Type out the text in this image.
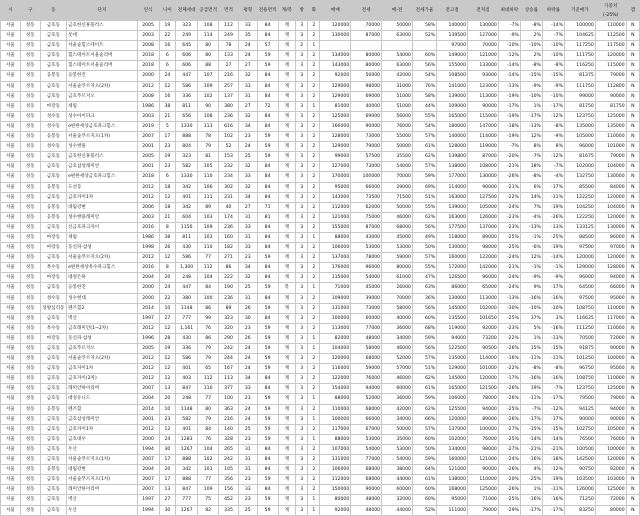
시	구	동	단지	연식	나이	전체세대	공급면적	면적	평형	전용면적	계/복	방	화	매매	전세	매-전	전세가율	전고점	전저점	최대하락	상승률	하락률	기준매가	가중치 (-25%)	갭
서울	성동	금호동	금호한신휴플러스	2005	19	323	108	112	33	84	계	3	2	120000	70000	50000	58%	140000	130000	-7%	-8%	-14%	100000	110000	N
서울	성동	금호동	롯데	2003	22	249	114	249	35	84	계	3	2	130000	87000	63000	52%	139500	127000	-9%	2%	-7%	104625	112500	N
서울	성동	금호동	서울숲힐스테이트	2008	16	645	80	78	24	57	계	2	1					97000	70000	-10%	-10%	-10%	117250	117500	N
서울	성동	금호동	힐스테이트서울숲리버	2018	6	606	80	133	24	59	계	3	2	134000	80000	54000	60%	149000	121000	-12%	2%	-10%	111750	120000	N
서울	성동	금호동	힐스테이트서울숲리버	2018	6	606	88	27	27	59	계	3	2	143000	80000	63000	56%	155000	133000	-14%	-8%	-8%	116250	115000	N
서울	성동	응봉동	응봉한진	2000	24	447	107	216	32	84	계	3	2	92000	50000	42000	54%	108500	93000	-14%	-15%	-15%	81375	79000	N
서울	성동	금호동	서울숲푸르지오(2차)	2012	12	586	109	257	33	84	계	3	2	129000	98000	31000	76%	141000	123000	-13%	-9%	-9%	111750	112800	N
서울	성동	금호동	금호푸르지오	2008	16	336	102	137	31	84	계	3	2	129000	69000	51000	58%	139000	113000	-19%	-10%	-10%	99000	90000	N
서울	성동	마장동	세림	1986	38	811	90	380	27	72	계	3	1	81000	40000	51000	44%	109000	90000	-17%	1%	-17%	81750	81750	N
서울	성동	성수동	성수아이파크	2003	21	656	108	236	32	84	계	3	2	125000	69000	56000	55%	165000	115000	-19%	-17%	-12%	123750	125000	N
서울	성동	성수동	e편한세상금호파크힐스	2019	5	1330	113	616	34	84	계	3	2	166000	90000	76000	54%	180000	147000	-18%	-13%	-8%	135000	135000	N
서울	성동	응봉동	서울숲푸르지오(1차)	2007	17	888	78	102	23	59	계	3	2	128000	73000	55000	57%	140000	114000	-19%	12%	-9%	105000	110000	N
서울	성동	성수동	성수쌍용	2001	23	804	79	52	24	59	계	3	2	129000	79000	50000	61%	128000	119000	-7%	8%	8%	96000	101000	N
서울	성동	금호동	금호한신휴플러스	2005	19	323	81	153	25	59	계	3	2	99000	57500	35500	62%	139800	87000	-20%	-7%	-12%	81675	79000	N
서울	성동	금호동	금호삼성래미안	2001	23	582	105	232	32	84	계	3	2	127000	73000	54000	57%	138000	108000	-21%	18%	-7%	102000	104000	N
서울	성동	금호동	e편한세상금호파크힐스	2018	6	1330	110	234	33	84	계	3	2	170000	100000	70000	59%	177000	130000	-26%	-8%	-4%	132750	130000	N
서울	성동	응봉동	도선동	2012	18	342	106	302	32	84	계	3	2	95000	66000	29000	69%	114000	90000	-21%	6%	-17%	85500	84000	N
서울	성동	금호동	금호자이1차	2012	12	401	111	231	34	84	계	3	2	143000	73500	71500	51%	163000	127500	-22%	14%	-11%	122250	120000	N
서울	성동	응봉동	대림강변	2006	18	342	89	40	27	71	계	3	2	112000	62000	50000	55%	139000	105000	-24%	7%	-19%	104250	104000	N
서울	성동	응봉동	성수쌍용래미안	2003	21	604	103	174	31	81	계	3	2	121000	75000	46000	62%	163000	126000	-23%	-4%	-26%	122250	120000	N
서울	성동	금호동	신금호파크자이	2016	8	1156	109	236	33	84	계	3	2	155000	87000	68000	56%	177500	137000	-23%	-13%	-13%	133125	130000	N
서울	성동	마장동	세림	1986	38	811	103	160	31	84	계	3	1	88000	43000	45000	49%	118000	89000	-25%	-1%	-25%	88500	86000	N
서울	성동	마장동	동신파·삼성	1998	26	430	110	182	33	84	계	3	2	106000	53000	53000	50%	130000	98000	-25%	-6%	-19%	97500	97000	N
서울	성동	금호동	서울숲푸르지오(2차)	2012	12	586	77	271	23	59	계	3	2	137000	78000	59000	57%	160000	122000	-24%	12%	-14%	120000	120000	N
서울	성동	옥수동	e편한세상옥수파크힐스	2016	8	1,300	112	86	34	84	계	3	2	176000	96000	80000	55%	172000	142000	-21%	-1%	-1%	129000	128000	N
서울	성동	마장동	대성은하	2004	20	248	104	222	32	84	계	3	2	115000	54000	61000	47%	126500	96000	-24%	-9%	-9%	96000	94000	N
서울	성동	금호동	응봉한진	2000	24	447	84	190	25	59	복	3	1	71000	45000	26000	63%	86000	65000	-24%	9%	-17%	64500	66000	N
서울	성동	성수동	성수현대	2000	22	380	100	236	31	84	계	3	2	109000	39000	70000	36%	130000	113000	-13%	-16%	-16%	97500	95000	N
서울	성동	상왕십리동	텐즈힐2	2014	10	1148	86	89	26	59	계	3	2	131000	73000	58000	56%	145000	102000	-30%	-10%	-10%	108750	110000	N
서울	성동	금호동	벽산	1997	27	777	99	323	30	84	계	3	2	100000	60000	40000	60%	135500	101650	-25%	37%	3%	116625	117000	N
서울	성동	옥수동	금호래미안(1~2차)	2012	12	1,161	76	320	23	59	계	3	2	113000	77000	36000	68%	119000	92000	-23%	5%	-16%	111250	110000	N
서울	성동	마장동	동신파·삼성	1996	28	430	86	290	26	59	계	3	1	82000	48000	34000	59%	94000	73200	-22%	1%	-13%	70500	72000	N
서울	성동	금호동	금호푸르지오	2005	19	336	79	242	24	59	계	3	1	104000	58000	46000	56%	122500	90500	-26%	15%	-15%	91875	90000	N
서울	성동	금호동	서울숲푸르지오(2차)	2012	12	586	79	244	24	59	계	3	2	120000	68000	52000	57%	135000	114000	-16%	-11%	-11%	101250	100000	N
서울	성동	금호동	금호자이1차	2012	12	401	65	167	24	59	계	3	2	116000	59000	57000	51%	129000	101000	-22%	-8%	-8%	96750	95000	N
서울	성동	금호동	금호자이(2차)	2012	12	403	112	113	34	84	계	3	2	122000	76000	46000	62%	145000	120000	-17%	-16%	-16%	108750	110000	N
서울	성동	금호동	래미안하이리버	2007	13	847	110	377	33	84	계	3	2	154000	94000	60000	61%	165000	121500	-26%	19%	-7%	123750	125000	N
서울	성동	금호동	대성유니드	2004	20	248	77	100	23	59	계	3	1	88000	52000	36000	59%	106000	78000	-26%	-11%	-17%	79500	79000	N
서울	성동	응봉동	텐즈힐	2014	10	1148	80	363	24	59	계	3	2	110000	68000	42000	62%	125500	94000	-25%	-7%	-12%	94125	94000	N
서울	성동	금호동	금호삼성래미안	2001	23	582	79	216	24	59	계	3	1	100000	66000	34000	66%	120000	89000	-26%	-17%	-17%	90000	90000	N
서울	성동	금호동	금호자이1차	2012	12	401	84	140	25	59	계	3	2	117000	67000	50000	57%	137000	100000	-27%	-15%	-15%	102750	105000	N
서울	성동	금호동	금호대우	2000	24	1283	76	328	23	59	계	3	1	88000	53000	35000	60%	102000	76000	-25%	-14%	-14%	76500	76000	N
서울	성동	금호동	두산	1994	30	1267	104	265	31	84	계	3	2	107000	54000	53000	50%	134000	98000	-27%	-21%	-21%	100500	100000	N
서울	성동	금호동	서울숲푸르지오(1차)	2007	17	888	102	242	31	84	계	3	2	131000	77000	54000	59%	160000	121000	-24%	-16%	-18%	142500	120000	N
서울	성동	응봉동	대림강변	2004	20	342	101	105	31	84	계	3	2	106000	68000	38000	64%	121000	90000	-26%	4%	-12%	90750	92000	N
서울	성동	금호동	서울숲푸르지오(1차)	2007	17	888	77	356	23	59	계	3	2	112000	68000	44000	61%	138000	110000	-20%	-25%	-19%	103500	103000	N
서울	성동	금호동	래미안하이리버	2007	13	847	109	156	33	84	계	3	2	150000	90000	60000	60%	168000	125000	-26%	1%	-11%	126000	125000	N
서울	성동	금호동	벽산	1997	27	777	75	452	23	59	계	3	1	80000	48000	32000	60%	95000	71000	-25%	-16%	-16%	71250	72000	N
서울	성동	금호동	두산	1994	30	1267	82	335	25	59	계	3	1	92000	48000	44000	52%	111000	79000	-29%	-17%	-17%	83250	80000	N
